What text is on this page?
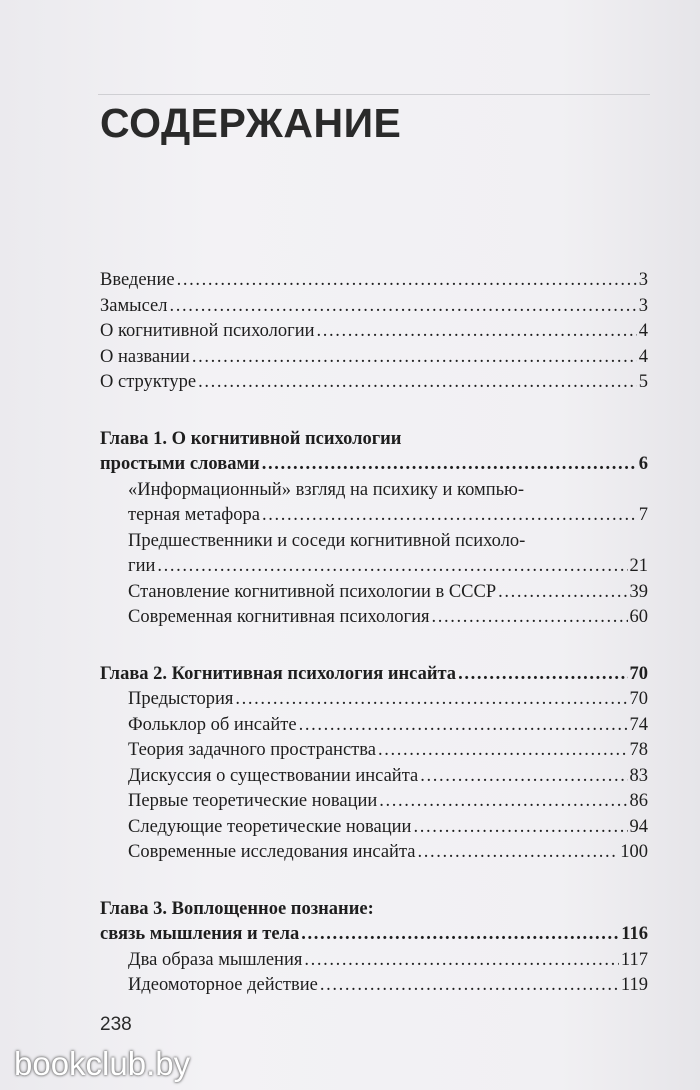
СОДЕРЖАНИЕ
Введение . . .	3
Замысел . . .	3
О когнитивной психологии . . .	4
О названии . . .	4
О структуре . . .	5
Глава 1. О когнитивной психологии
простыми словами . . .	6
«Информационный» взгляд на психику и компью-
терная метафора . . .	7
Предшественники и соседи когнитивной психоло-
гии . . .	21
Становление когнитивной психологии в СССР . . .	39
Современная когнитивная психология . . .	60
Глава 2. Когнитивная психология инсайта . . .	70
Предыстория . . .	70
Фольклор об инсайте . . .	74
Теория задачного пространства . . .	78
Дискуссия о существовании инсайта . . .	83
Первые теоретические новации . . .	86
Следующие теоретические новации . . .	94
Современные исследования инсайта . . .	100
Глава 3. Воплощенное познание:
связь мышления и тела . . .	116
Два образа мышления . . .	117
Идеомоторное действие . . .	119
238
bookclub.by
